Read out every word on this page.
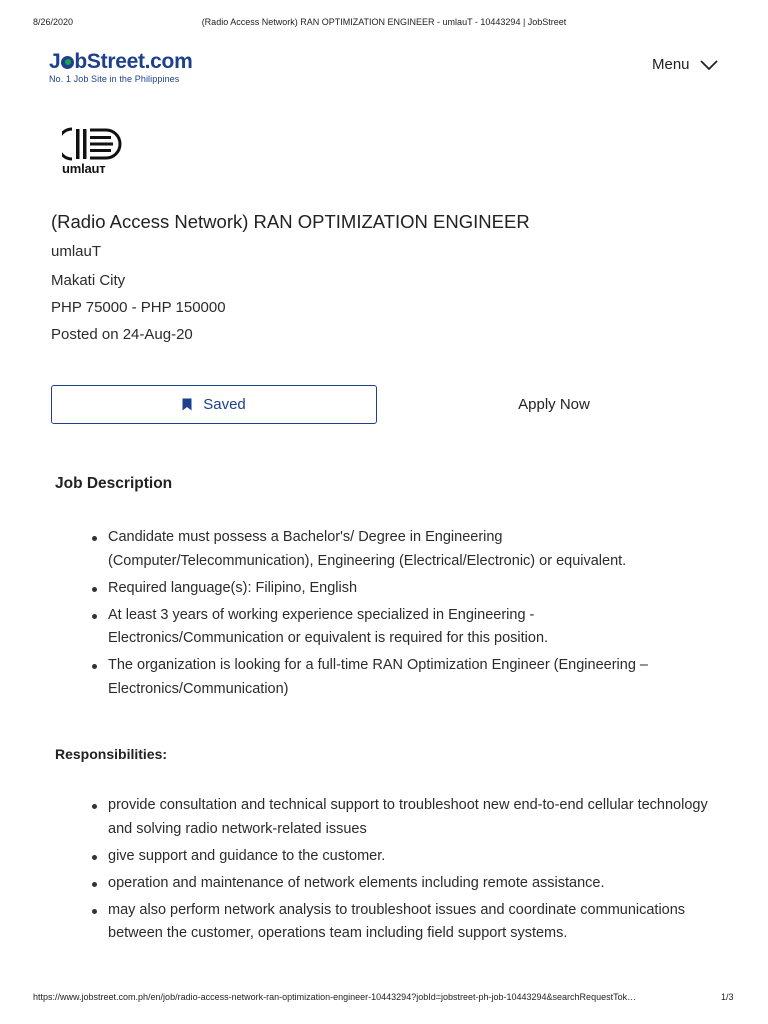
8/26/2020	(Radio Access Network) RAN OPTIMIZATION ENGINEER - umlauT - 10443294 | JobStreet
J bStreet.com
No. 1 Job Site in the Philippines
Menu
umlauт
(Radio Access Network) RAN OPTIMIZATION ENGINEER
umlauT
Makati City
PHP 75000 - PHP 150000
Posted on 24-Aug-20
Saved	Apply Now
Job Description
Candidate must possess a Bachelor's/ Degree in Engineering (Computer/Telecommunication), Engineering (Electrical/Electronic) or equivalent.
Required language(s): Filipino, English
At least 3 years of working experience specialized in Engineering - Electronics/Communication or equivalent is required for this position.
The organization is looking for a full-time RAN Optimization Engineer (Engineering – Electronics/Communication)
Responsibilities:
provide consultation and technical support to troubleshoot new end-to-end cellular technology and solving radio network-related issues
give support and guidance to the customer.
operation and maintenance of network elements including remote assistance.
may also perform network analysis to troubleshoot issues and coordinate communications between the customer, operations team including field support systems.
https://www.jobstreet.com.ph/en/job/radio-access-network-ran-optimization-engineer-10443294?jobId=jobstreet-ph-job-10443294&searchRequestTok…	1/3
